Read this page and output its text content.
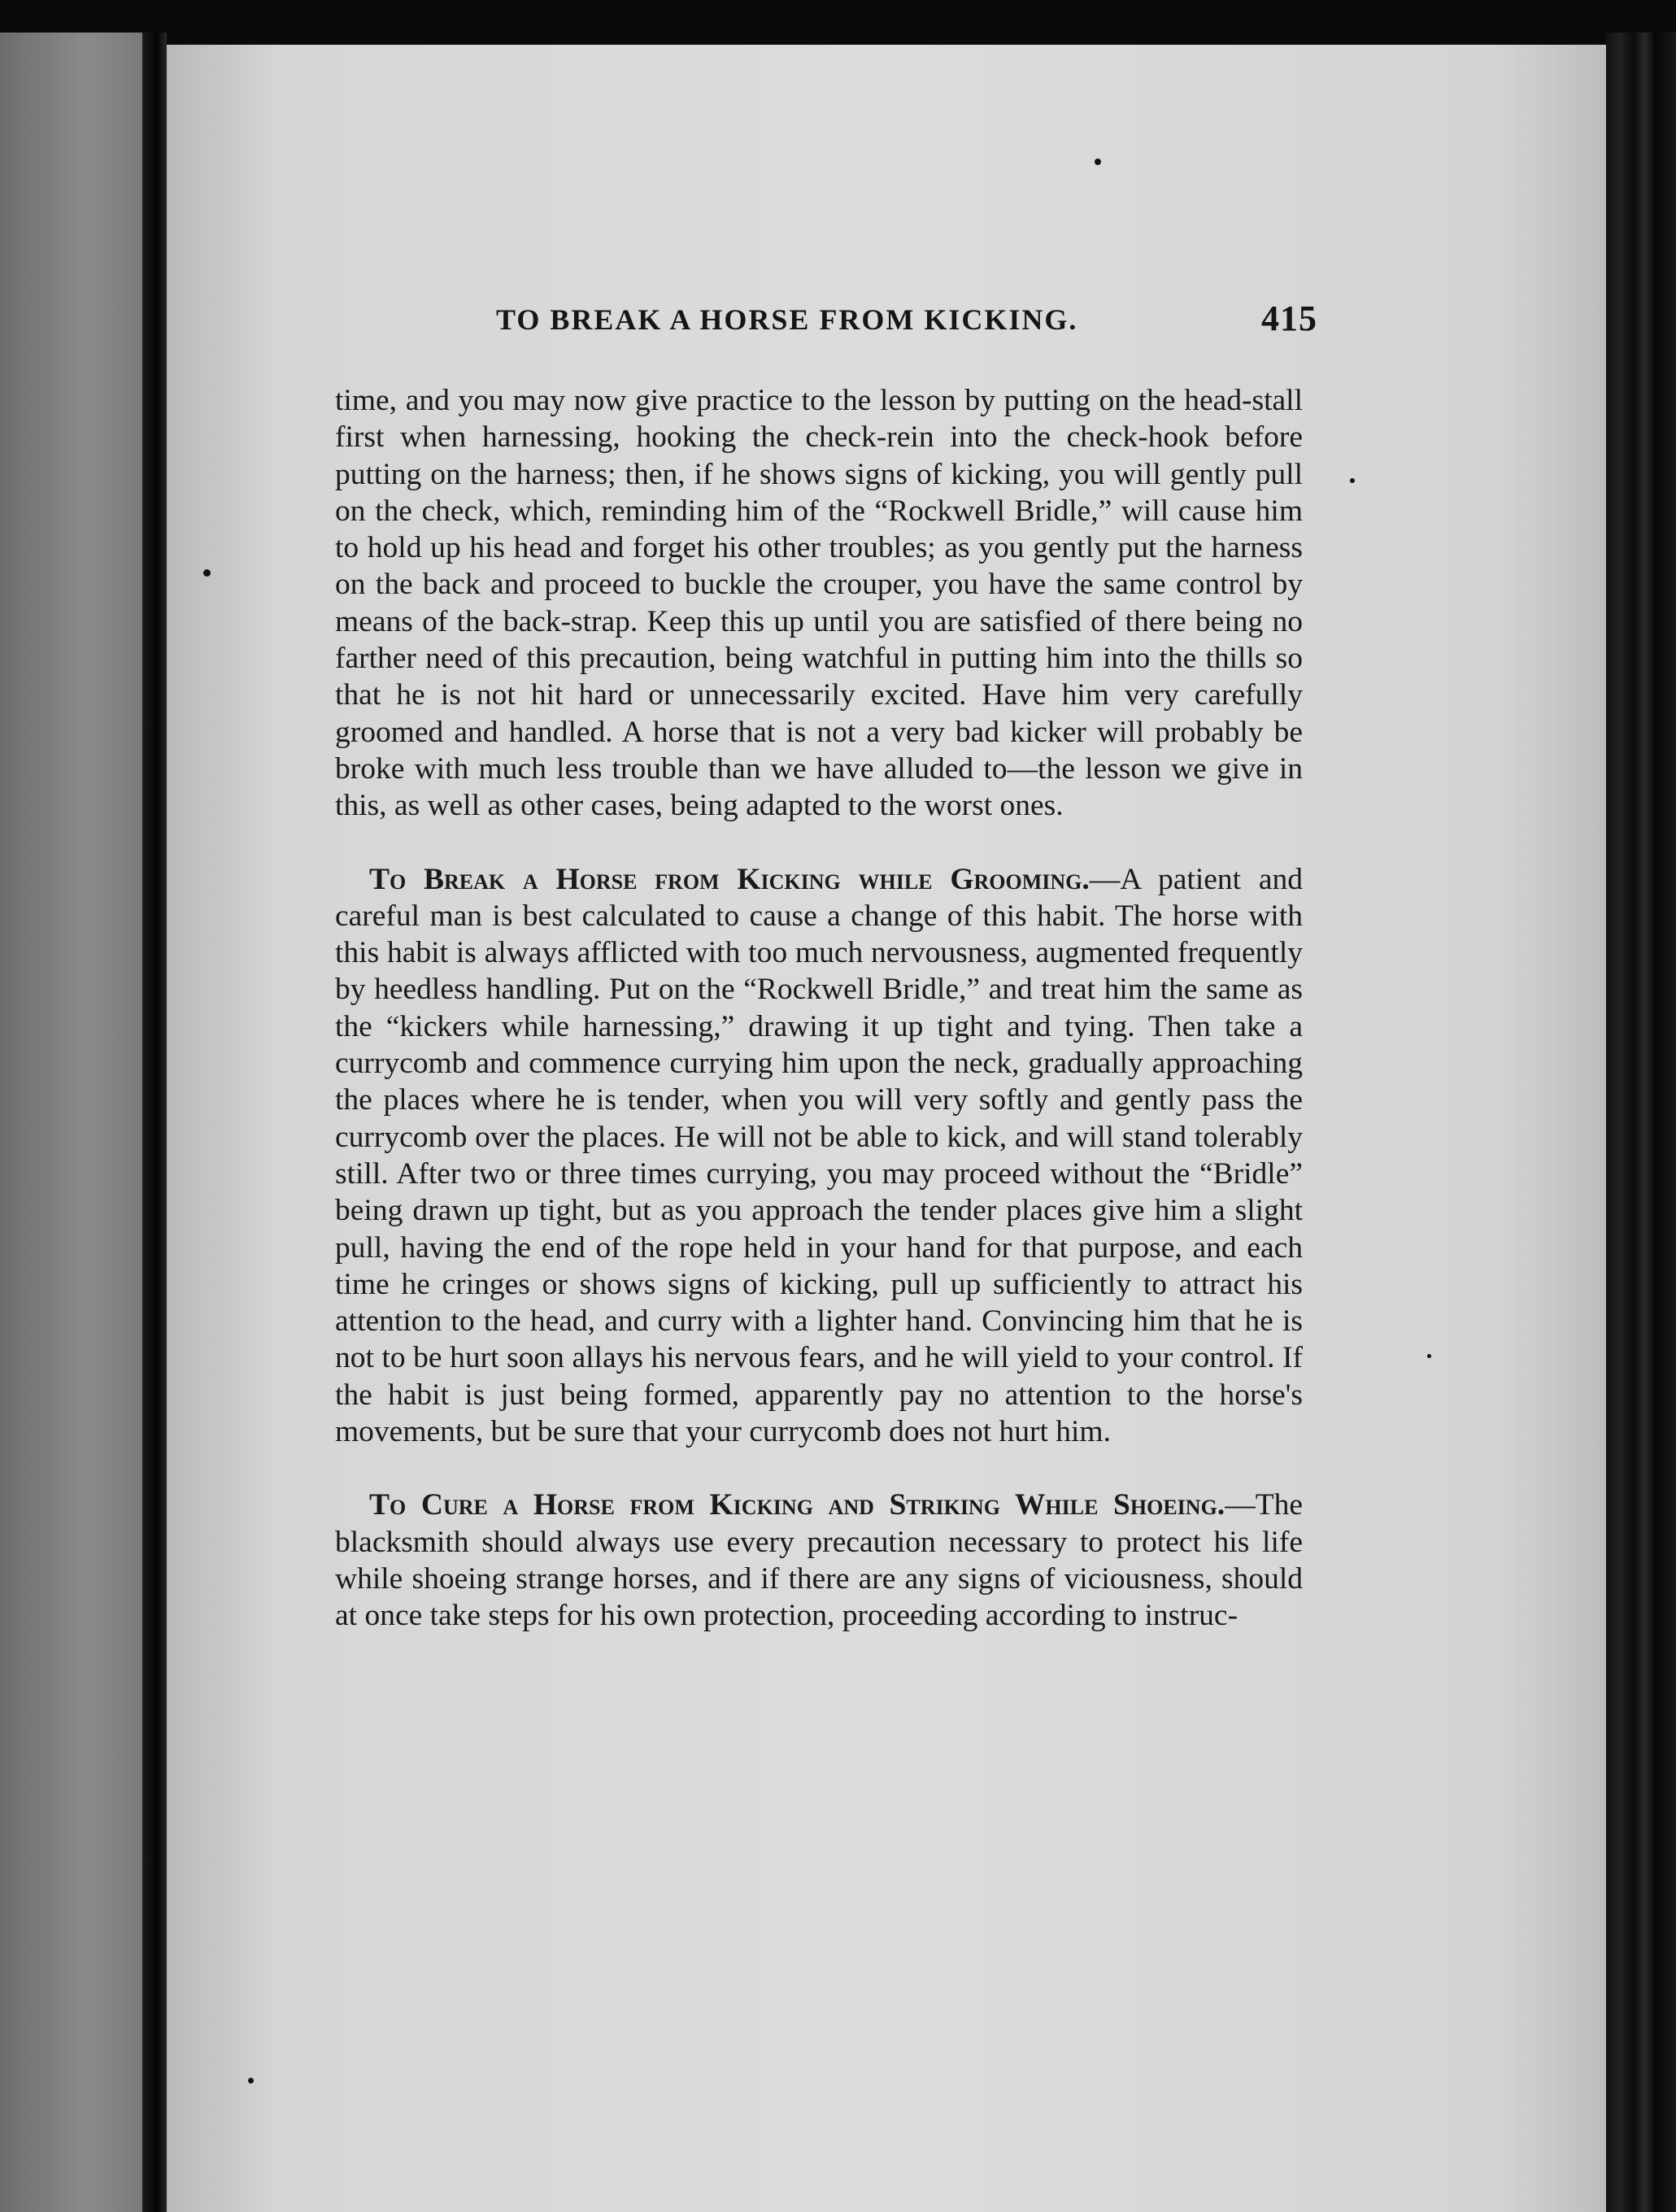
TO BREAK A HORSE FROM KICKING.	415

time, and you may now give practice to the lesson by putting on the head-stall first when harnessing, hooking the check-rein into the check-hook before putting on the harness; then, if he shows signs of kicking, you will gently pull on the check, which, reminding him of the “Rockwell Bridle,” will cause him to hold up his head and forget his other troubles; as you gently put the harness on the back and proceed to buckle the crouper, you have the same control by means of the back-strap. Keep this up until you are satisfied of there being no farther need of this precaution, being watchful in putting him into the thills so that he is not hit hard or unnecessarily excited. Have him very carefully groomed and handled. A horse that is not a very bad kicker will probably be broke with much less trouble than we have alluded to—the lesson we give in this, as well as other cases, being adapted to the worst ones.

To Break a Horse from Kicking while Grooming.—A patient and careful man is best calculated to cause a change of this habit. The horse with this habit is always afflicted with too much nervousness, augmented frequently by heedless handling. Put on the “Rockwell Bridle,” and treat him the same as the “kickers while harnessing,” drawing it up tight and tying. Then take a currycomb and commence currying him upon the neck, gradually approaching the places where he is tender, when you will very softly and gently pass the currycomb over the places. He will not be able to kick, and will stand tolerably still. After two or three times currying, you may proceed without the “Bridle” being drawn up tight, but as you approach the tender places give him a slight pull, having the end of the rope held in your hand for that purpose, and each time he cringes or shows signs of kicking, pull up sufficiently to attract his attention to the head, and curry with a lighter hand. Convincing him that he is not to be hurt soon allays his nervous fears, and he will yield to your control. If the habit is just being formed, apparently pay no attention to the horse's movements, but be sure that your currycomb does not hurt him.

To Cure a Horse from Kicking and Striking While Shoeing.—The blacksmith should always use every precaution necessary to protect his life while shoeing strange horses, and if there are any signs of viciousness, should at once take steps for his own protection, proceeding according to instruc-
